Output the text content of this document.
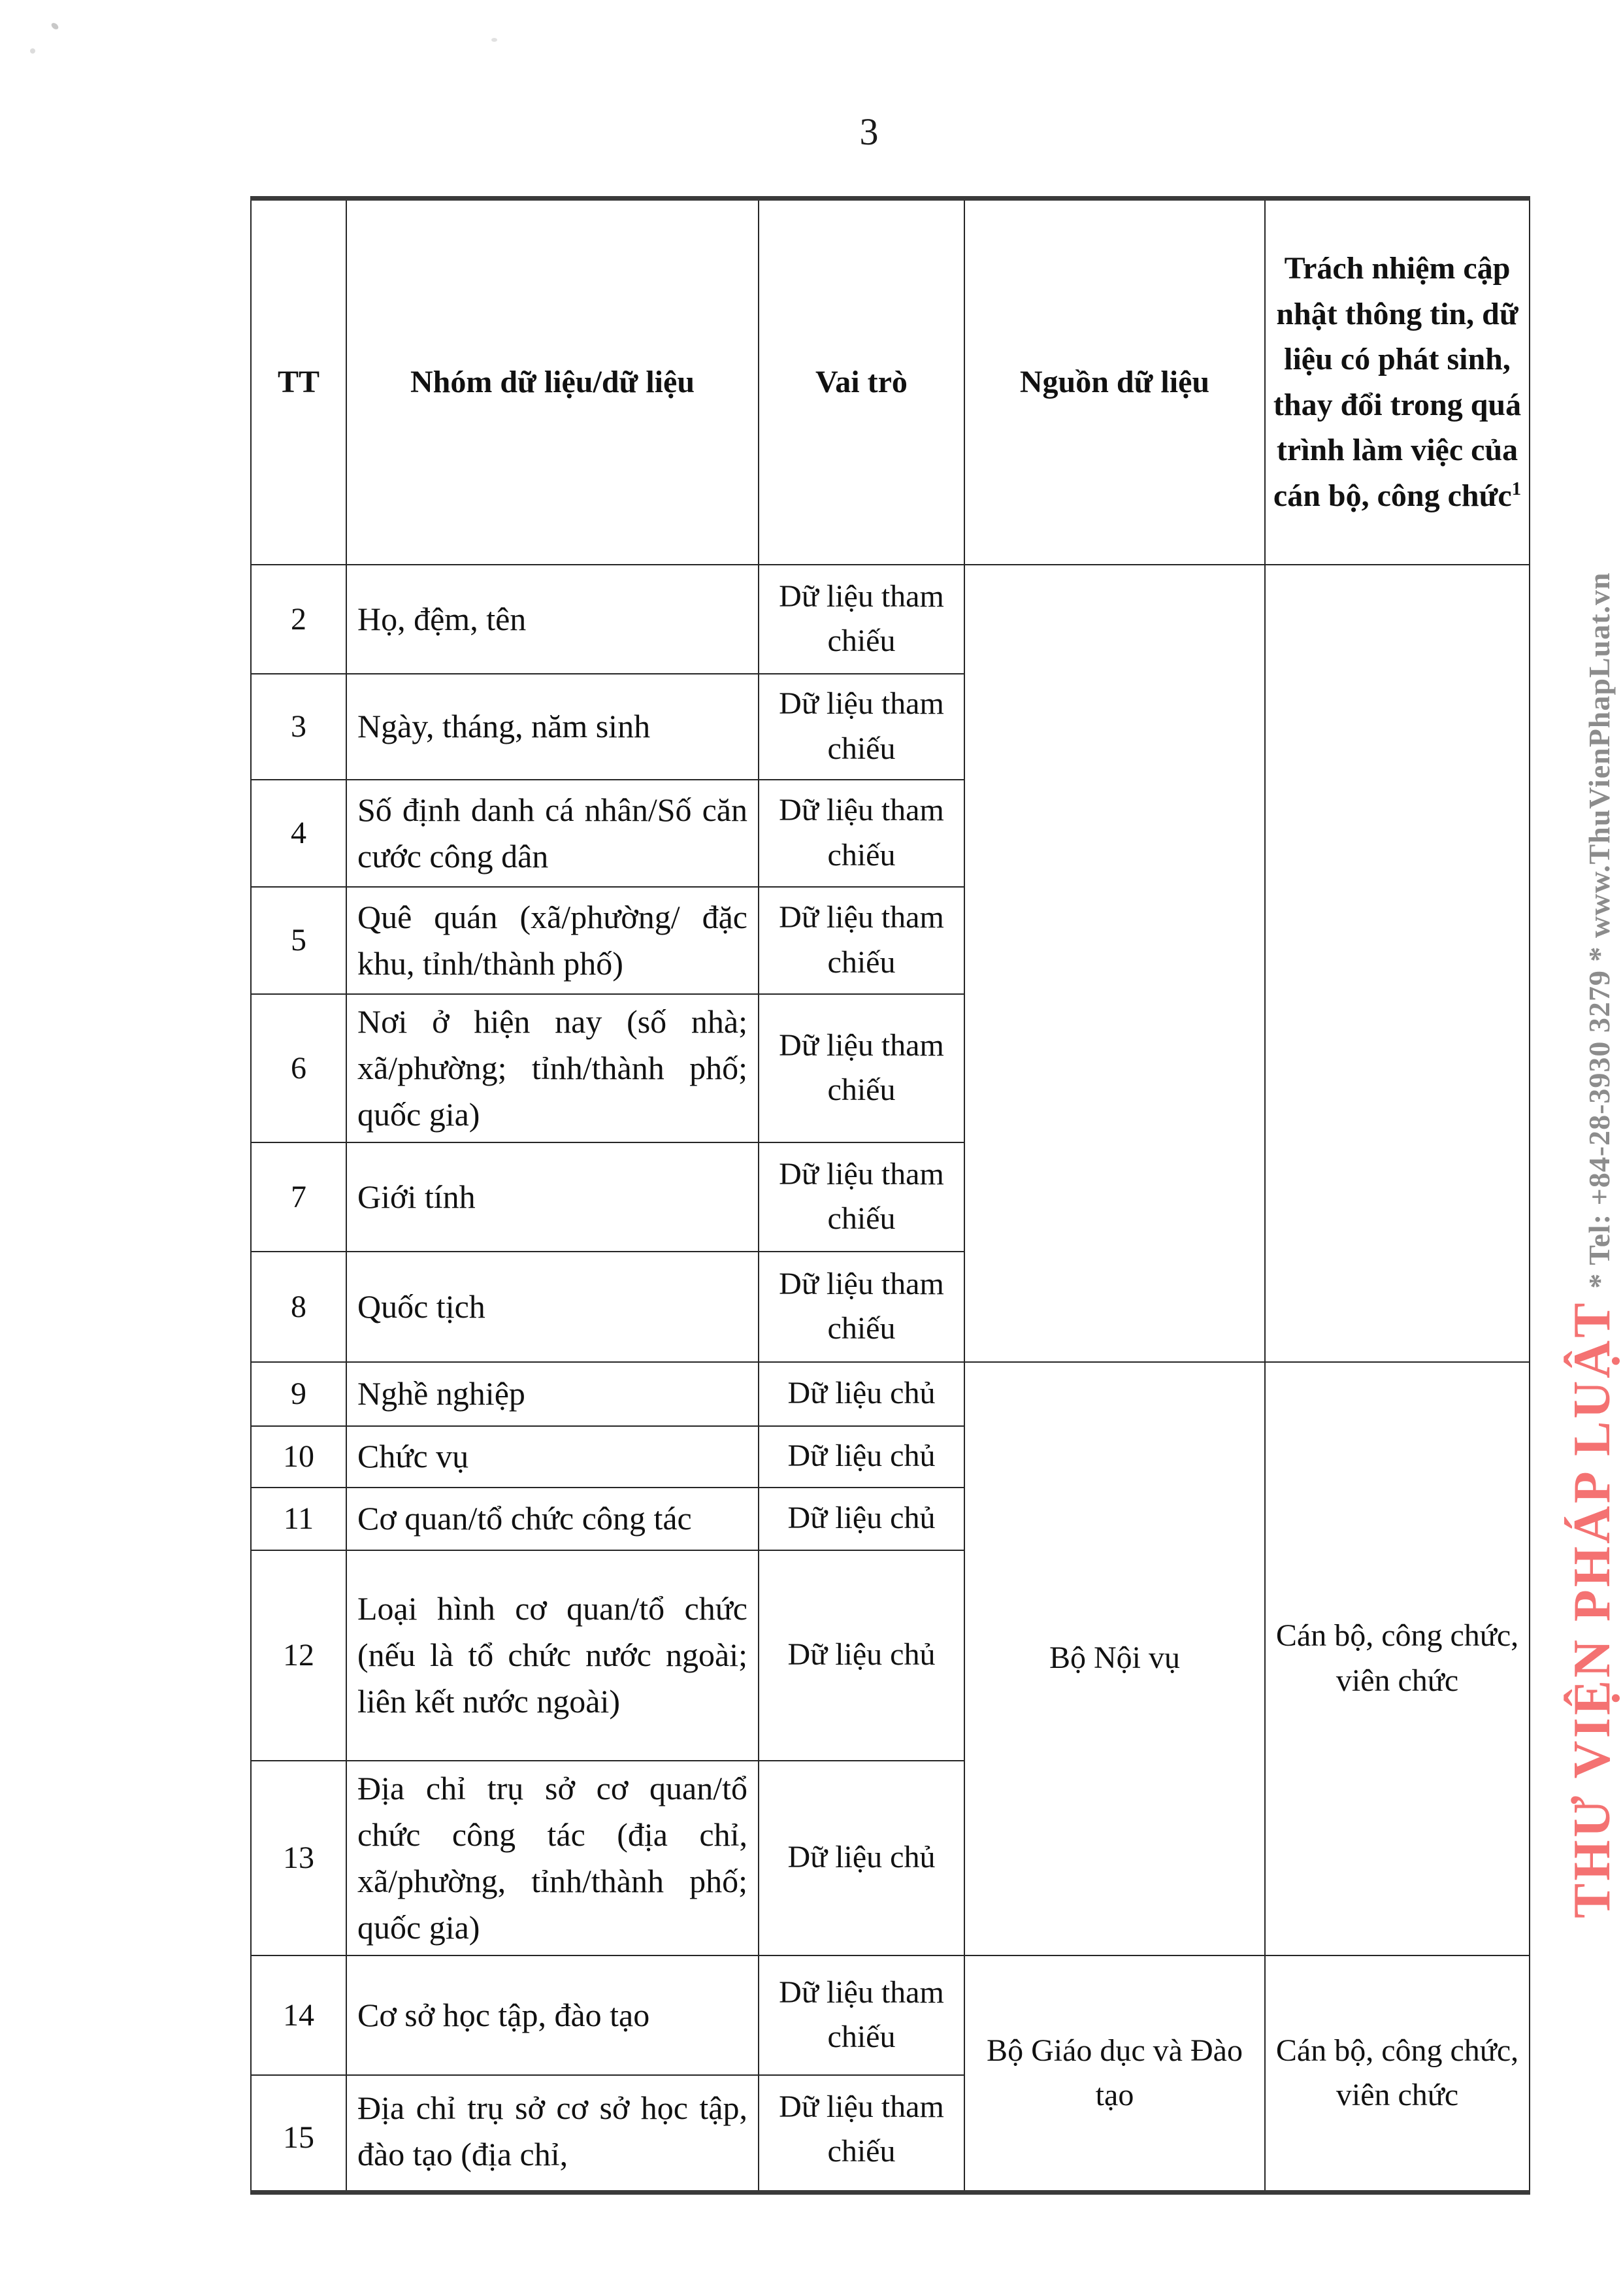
3
TT	Nhóm dữ liệu/dữ liệu	Vai trò	Nguồn dữ liệu	Trách nhiệm cập nhật thông tin, dữ liệu có phát sinh, thay đổi trong quá trình làm việc của cán bộ, công chức$^1$
2	Họ, đệm, tên	Dữ liệu tham chiếu		
3	Ngày, tháng, năm sinh	Dữ liệu tham chiếu		
4	Số định danh cá nhân/Số căn cước công dân	Dữ liệu tham chiếu		
5	Quê quán (xã/phường/ đặc khu, tỉnh/thành phố)	Dữ liệu tham chiếu		
6	Nơi ở hiện nay (số nhà; xã/phường; tỉnh/thành phố; quốc gia)	Dữ liệu tham chiếu		
7	Giới tính	Dữ liệu tham chiếu		
8	Quốc tịch	Dữ liệu tham chiếu		
9	Nghề nghiệp	Dữ liệu chủ	Bộ Nội vụ	Cán bộ, công chức, viên chức
10	Chức vụ	Dữ liệu chủ		
11	Cơ quan/tổ chức công tác	Dữ liệu chủ		
12	Loại hình cơ quan/tổ chức (nếu là tổ chức nước ngoài; liên kết nước ngoài)	Dữ liệu chủ		
13	Địa chỉ trụ sở cơ quan/tổ chức công tác (địa chỉ, xã/phường, tỉnh/thành phố; quốc gia)	Dữ liệu chủ		
14	Cơ sở học tập, đào tạo	Dữ liệu tham chiếu	Bộ Giáo dục và Đào tạo	Cán bộ, công chức, viên chức
15	Địa chỉ trụ sở cơ sở học tập, đào tạo (địa chỉ,	Dữ liệu tham chiếu		
THƯ VIỆN PHÁP LUẬT* Tel: +84-28-3930 3279 * www.ThuVienPhapLuat.vn
